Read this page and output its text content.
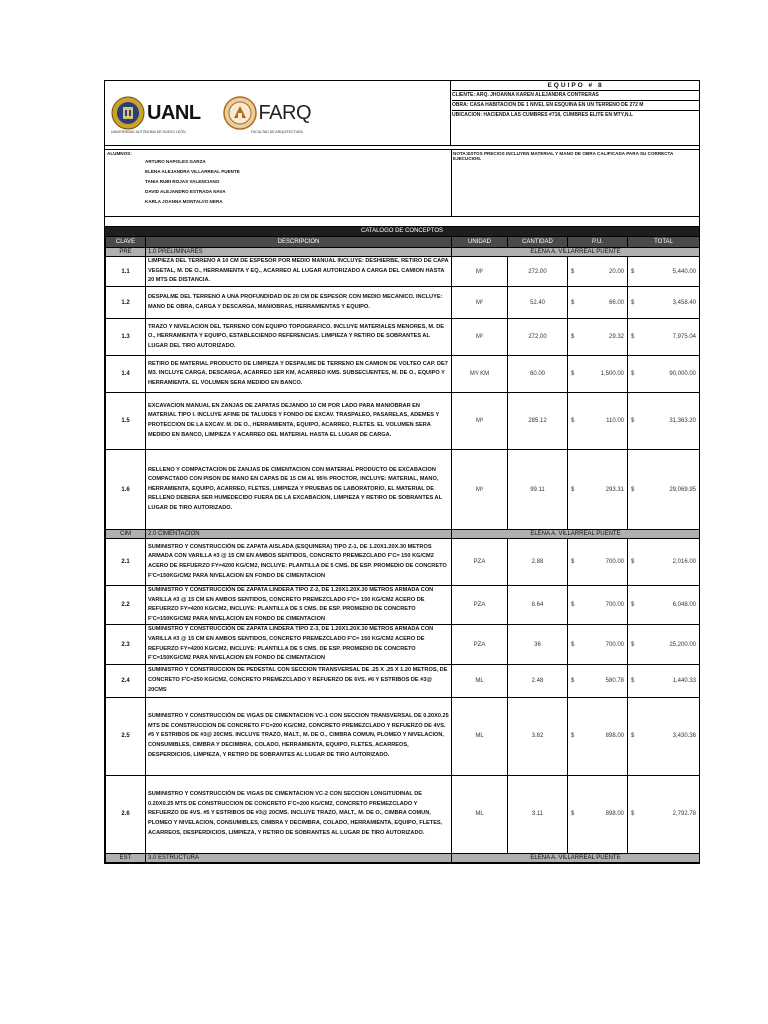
UANL	FARQ
UNIVERSIDAD AUTÓNOMA DE NUEVO LEÓN	FACULTAD DE ARQUITECTURA
EQUIPO # 8
CLIENTE: ARQ. JHOANNA KAREN ALEJANDRA CONTRERAS
OBRA: CASA HABITACION DE 1 NIVEL EN ESQUINA EN UN TERRENO DE 272 M
UBICACION: HACIENDA LAS CUMBRES #718, CUMBRES ELITE EN MTY,N.L
ALUMNOS:
ARTURO NAPOLES GARZA
ELENA ALEJANDRA VILLARREAL PUENTE
TANIA RUBI ROJAS VALENCIANO
DAVID ALEJANDRO ESTRADA NAVA
KARLA JOANNA MONTALVO NERA
NOTA:ESTOS PRECIOS INCLUYEN MATERIAL Y MANO DE OBRA CALIFICADA PARA SU CORRECTA EJECUCION.
CATALOGO DE CONCEPTOS
CLAVE	DESCRIPCION	UNIDAD	CANTIDAD	P.U.		TOTAL	
PRE	1.0 PRELIMINARES	ELENA A. VILLARREAL PUENTE					
1.1	LIMPIEZA DEL TERRENO A 10 CM DE ESPESOR POR MEDIO MANUAL INCLUYE: DESHIERBE, RETIRO DE CAPA VEGETAL, M. DE O., HERRAMIENTA Y EQ., ACARREO AL LUGAR AUTORIZADO A CARGA DEL CAMION HASTA 20 MTS DE DISTANCIA.	M²	272.00	$	20.00	$	5,440.00
1.2	DESPALME DEL TERRENO A UNA PROFUNDIDAD DE 20 CM DE ESPESOR CON MEDIO MECANICO. INCLUYE: MANO DE OBRA, CARGA Y DESCARGA, MANIOBRAS, HERRAMIENTAS Y EQUIPO.	M²	52.40	$	66.00	$	3,458.40
1.3	TRAZO Y NIVELACION DEL TERRENO CON EQUIPO TOPOGRAFICO. INCLUYE MATERIALES MENORES, M. DE O., HERRAMIENTA Y EQUIPO, ESTABLECIENDO REFERENCIAS. LIMPIEZA Y RETIRO DE SOBRANTES AL LUGAR DEL TIRO AUTORIZADO.	M²	272.00	$	29.32	$	7,975.04
1.4	RETIRO DE MATERIAL PRODUCTO DE LIMPIEZA Y DESPALME DE TERRENO EN CAMION DE VOLTEO CAP. DE7 M3. INCLUYE CARGA, DESCARGA, ACARREO 1ER KM, ACARREO KMS. SUBSECUENTES, M. DE O., EQUIPO Y HERRAMIENTA. EL VOLUMEN SERA MEDIDO EN BANCO.	M³/ KM	60.00	$	1,500.00	$	90,000.00
1.5	EXCAVACION MANUAL EN ZANJAS DE ZAPATAS DEJANDO 10 CM POR LADO PARA MANIOBRAR EN MATERIAL TIPO I. INCLUYE AFINE DE TALUDES Y FONDO DE EXCAV. TRASPALEO, PASARELAS, ADEMES Y PROTECCION DE LA EXCAV. M. DE O., HERRAMIENTA, EQUIPO, ACARREO, FLETES. EL VOLUMEN SERA MEDIDO EN BANCO, LIMPIEZA Y ACARREO DEL MATERIAL HASTA EL LUGAR DE CARGA.	M³	285.12	$	110.00	$	31,363.20
1.6	RELLENO Y COMPACTACION DE ZANJAS DE CIMENTACION CON MATERIAL PRODUCTO DE EXCABACION COMPACTADO CON PISON DE MANO EN CAPAS DE 15 CM AL 95% PROCTOR, INCLUYE: MATERIAL, MANO, HERRAMIENTA, EQUIPO, ACARREO, FLETES, LIMPIEZA Y PRUEBAS DE LABORATORIO, EL MATERIAL DE RELLENO DEBERA SER HUMEDECIDO FUERA DE LA EXCABACION, LIMPIEZA Y RETIRO DE SOBRANTES AL LUGAR DE TIRO AUTORIZADO.	M³	99.11	$	293.31	$	29,069.95
CIM	2.0 CIMENTACION	ELENA A. VILLARREAL PUENTE					
2.1	SUMINISTRO Y CONSTRUCCIÓN DE ZAPATA AISLADA (ESQUINERA) TIPO Z-1, DE 1.20X1.20X.30 METROS ARMADA CON VARILLA #3 @ 15 CM EN AMBOS SENTIDOS, CONCRETO PREMEZCLADO F'C= 150 KG/CM2 ACERO DE REFUERZO FY=4200 KG/CM2, INCLUYE: PLANTILLA DE 5 CMS. DE ESP. PROMEDIO DE CONCRETO F'C=150KG/CM2 PARA NIVELACION EN FONDO DE CIMENTACION	PZA	2.88	$	700.00	$	2,016.00
2.2	SUMINISTRO Y CONSTRUCCIÓN DE ZAPATA LINDERA TIPO Z-2, DE 1.20X1.20X.30 METROS ARMADA CON VARILLA #3 @ 15 CM EN AMBOS SENTIDOS, CONCRETO PREMEZCLADO F'C= 150 KG/CM2 ACERO DE REFUERZO FY=4200 KG/CM2, INCLUYE: PLANTILLA DE 5 CMS. DE ESP. PROMEDIO DE CONCRETO F'C=150KG/CM2 PARA NIVELACION EN FONDO DE CIMENTACION	PZA	8.64	$	700.00	$	6,048.00
2.3	SUMINISTRO Y CONSTRUCCIÓN DE ZAPATA LINDERA TIPO Z-3, DE 1.20X1.20X.30 METROS ARMADA CON VARILLA #3 @ 15 CM EN AMBOS SENTIDOS, CONCRETO PREMEZCLADO F'C= 150 KG/CM2 ACERO DE REFUERZO FY=4200 KG/CM2, INCLUYE: PLANTILLA DE 5 CMS. DE ESP. PROMEDIO DE CONCRETO F'C=150KG/CM2 PARA NIVELACION EN FONDO DE CIMENTACION	PZA	36	$	700.00	$	25,200.00
2.4	SUMINISTRO Y CONSTRUCCION DE PEDESTAL CON SECCION TRANSVERSAL DE .25 X .25 X 1.20 METROS, DE CONCRETO F'C=250 KG/CM2, CONCRETO PREMEZCLADO Y REFUERZO DE 6VS. #6 Y ESTRIBOS DE #3@ 20CMS	ML	2.48	$	580.78	$	1,440.33
2.5	SUMINISTRO Y CONSTRUCCIÓN DE VIGAS DE CIMENTACION VC-1 CON SECCION TRANSVERSAL DE 0.20X0.25 MTS DE CONSTRUCCION DE CONCRETO F'C=200 KG/CM2, CONCRETO PREMEZCLADO Y REFUERZO DE 4VS. #5 Y ESTRIBOS DE #3@ 20CMS. INCLUYE TRAZO, MALT., M. DE O., CIMBRA COMUN, PLOMEO Y NIVELACION, CONSUMIBLES, CIMBRA Y DECIMBRA, COLADO, HERRAMIENTA, EQUIPO, FLETES, ACARREOS, DESPERDICIOS, LIMPIEZA, Y RETIRO DE SOBRANTES AL LUGAR DE TIRO AUTORIZADO.	ML	3.82	$	898.00	$	3,430.36
2.6	SUMINISTRO Y CONSTRUCCIÓN DE VIGAS DE CIMENTACION VC-2 CON SECCION LONGITUDINAL DE 0.20X0.25 MTS DE CONSTRUCCION DE CONCRETO F'C=200 KG/CM2, CONCRETO PREMEZCLADO Y REFUERZO DE 4VS. #5 Y ESTRIBOS DE #3@ 20CMS. INCLUYE TRAZO, MALT., M. DE O., CIMBRA COMUN, PLOMEO Y NIVELACION, CONSUMIBLES, CIMBRA Y DECIMBRA, COLADO, HERRAMIENTA, EQUIPO, FLETES, ACARREOS, DESPERDICIOS, LIMPIEZA, Y RETIRO DE SOBRANTES AL LUGAR DE TIRO AUTORIZADO.	ML	3.11	$	898.00	$	2,792.78
EST	3.0 ESTRUCTURA	ELENA A. VILLARREAL PUENTE					
